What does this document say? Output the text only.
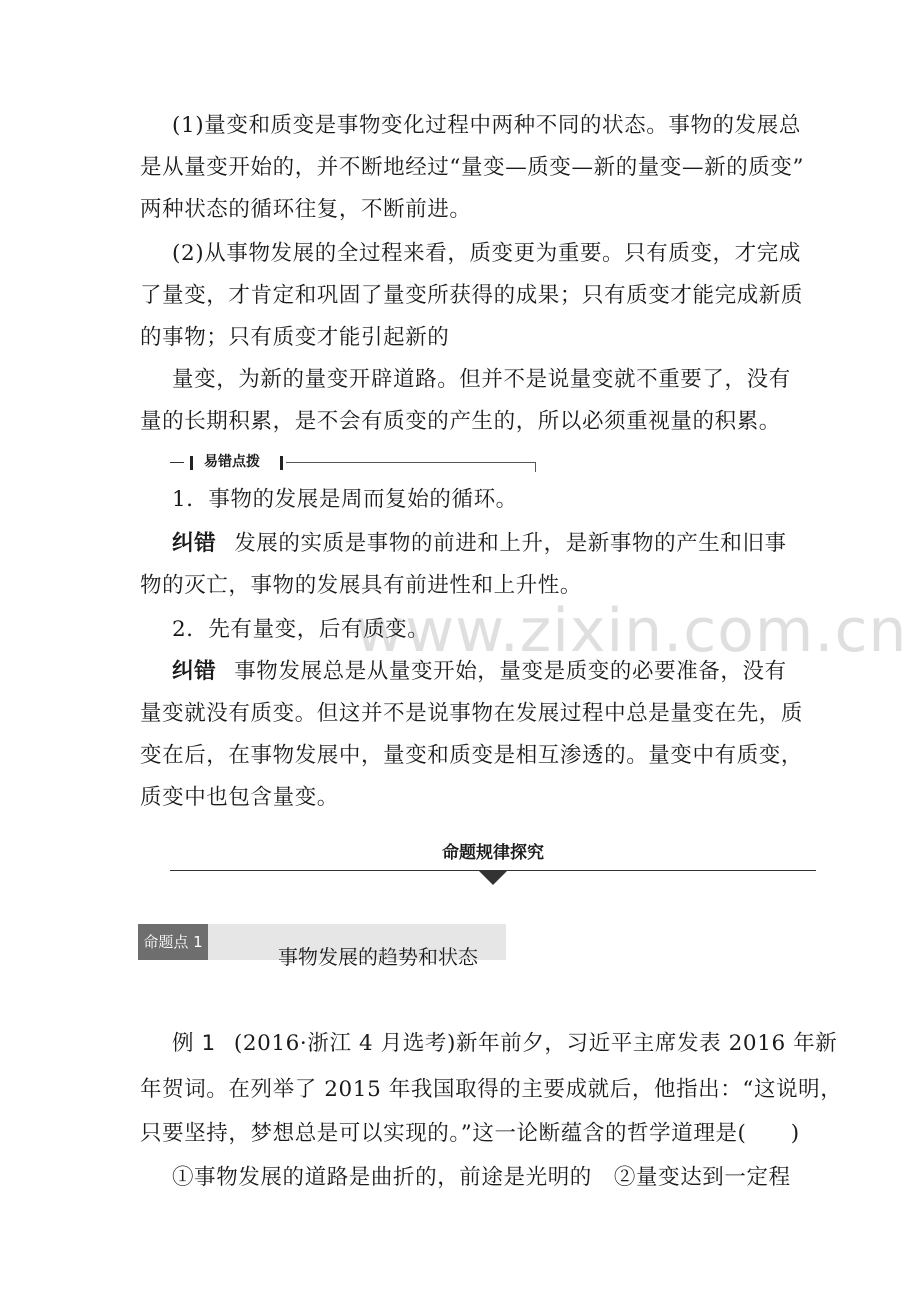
(1)量变和质变是事物变化过程中两种不同的状态。事物的发展总
是从量变开始的，并不断地经过“量变—质变—新的量变—新的质变”
两种状态的循环往复，不断前进。
(2)从事物发展的全过程来看，质变更为重要。只有质变，才完成
了量变，才肯定和巩固了量变所获得的成果；只有质变才能完成新质
的事物；只有质变才能引起新的
量变，为新的量变开辟道路。但并不是说量变就不重要了，没有
量的长期积累，是不会有质变的产生的，所以必须重视量的积累。
易错点拨
1．事物的发展是周而复始的循环。
纠错 发展的实质是事物的前进和上升，是新事物的产生和旧事
物的灭亡，事物的发展具有前进性和上升性。
2．先有量变，后有质变。
纠错 事物发展总是从量变开始，量变是质变的必要准备，没有
量变就没有质变。但这并不是说事物在发展过程中总是量变在先，质
变在后，在事物发展中，量变和质变是相互渗透的。量变中有质变，
质变中也包含量变。
www.zixin.com.cn
命题规律探究
命题点 1
事物发展的趋势和状态
例 1 (2016·浙江 4 月选考)新年前夕，习近平主席发表 2016 年新
年贺词。在列举了 2015 年我国取得的主要成就后，他指出：“这说明，
只要坚持，梦想总是可以实现的。”这一论断蕴含的哲学道理是(　　)
①事物发展的道路是曲折的，前途是光明的 ②量变达到一定程
